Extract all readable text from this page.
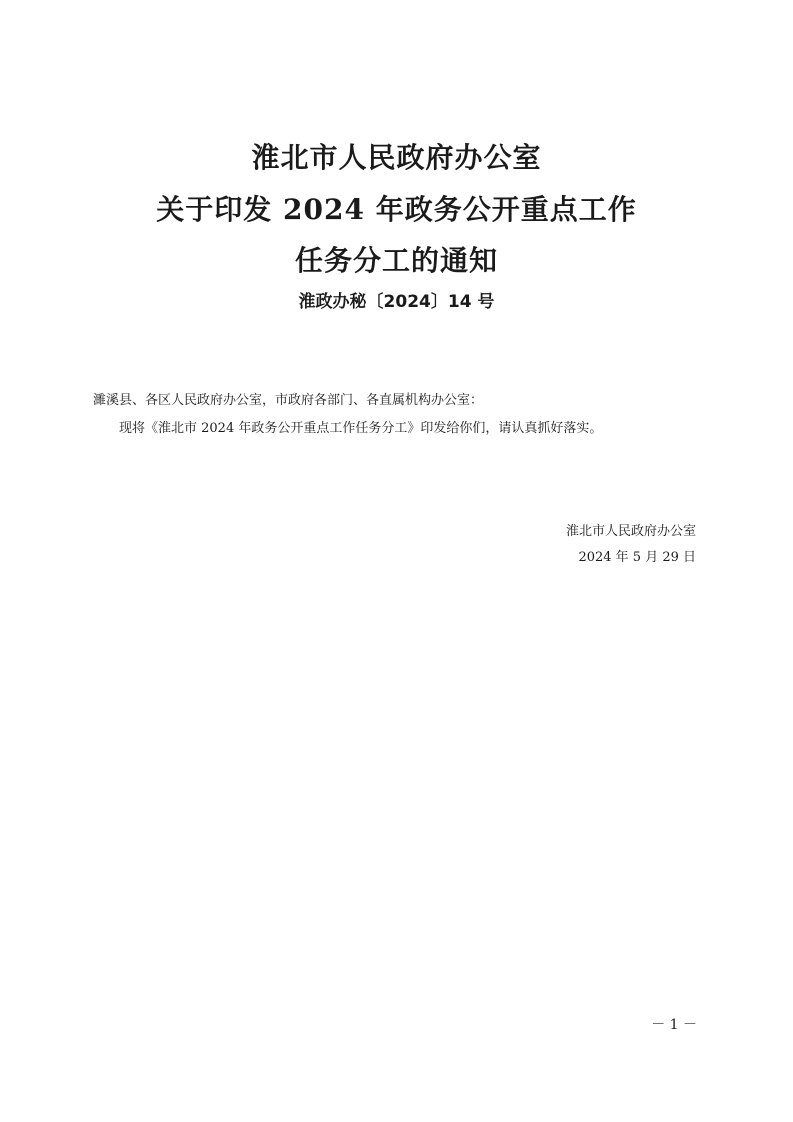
淮北市人民政府办公室
关于印发 2024 年政务公开重点工作
任务分工的通知
淮政办秘〔2024〕14 号
濉溪县、各区人民政府办公室，市政府各部门、各直属机构办公室：
现将《淮北市 2024 年政务公开重点工作任务分工》印发给你们，请认真抓好落实。
淮北市人民政府办公室
2024 年 5 月 29 日
－ 1 －
